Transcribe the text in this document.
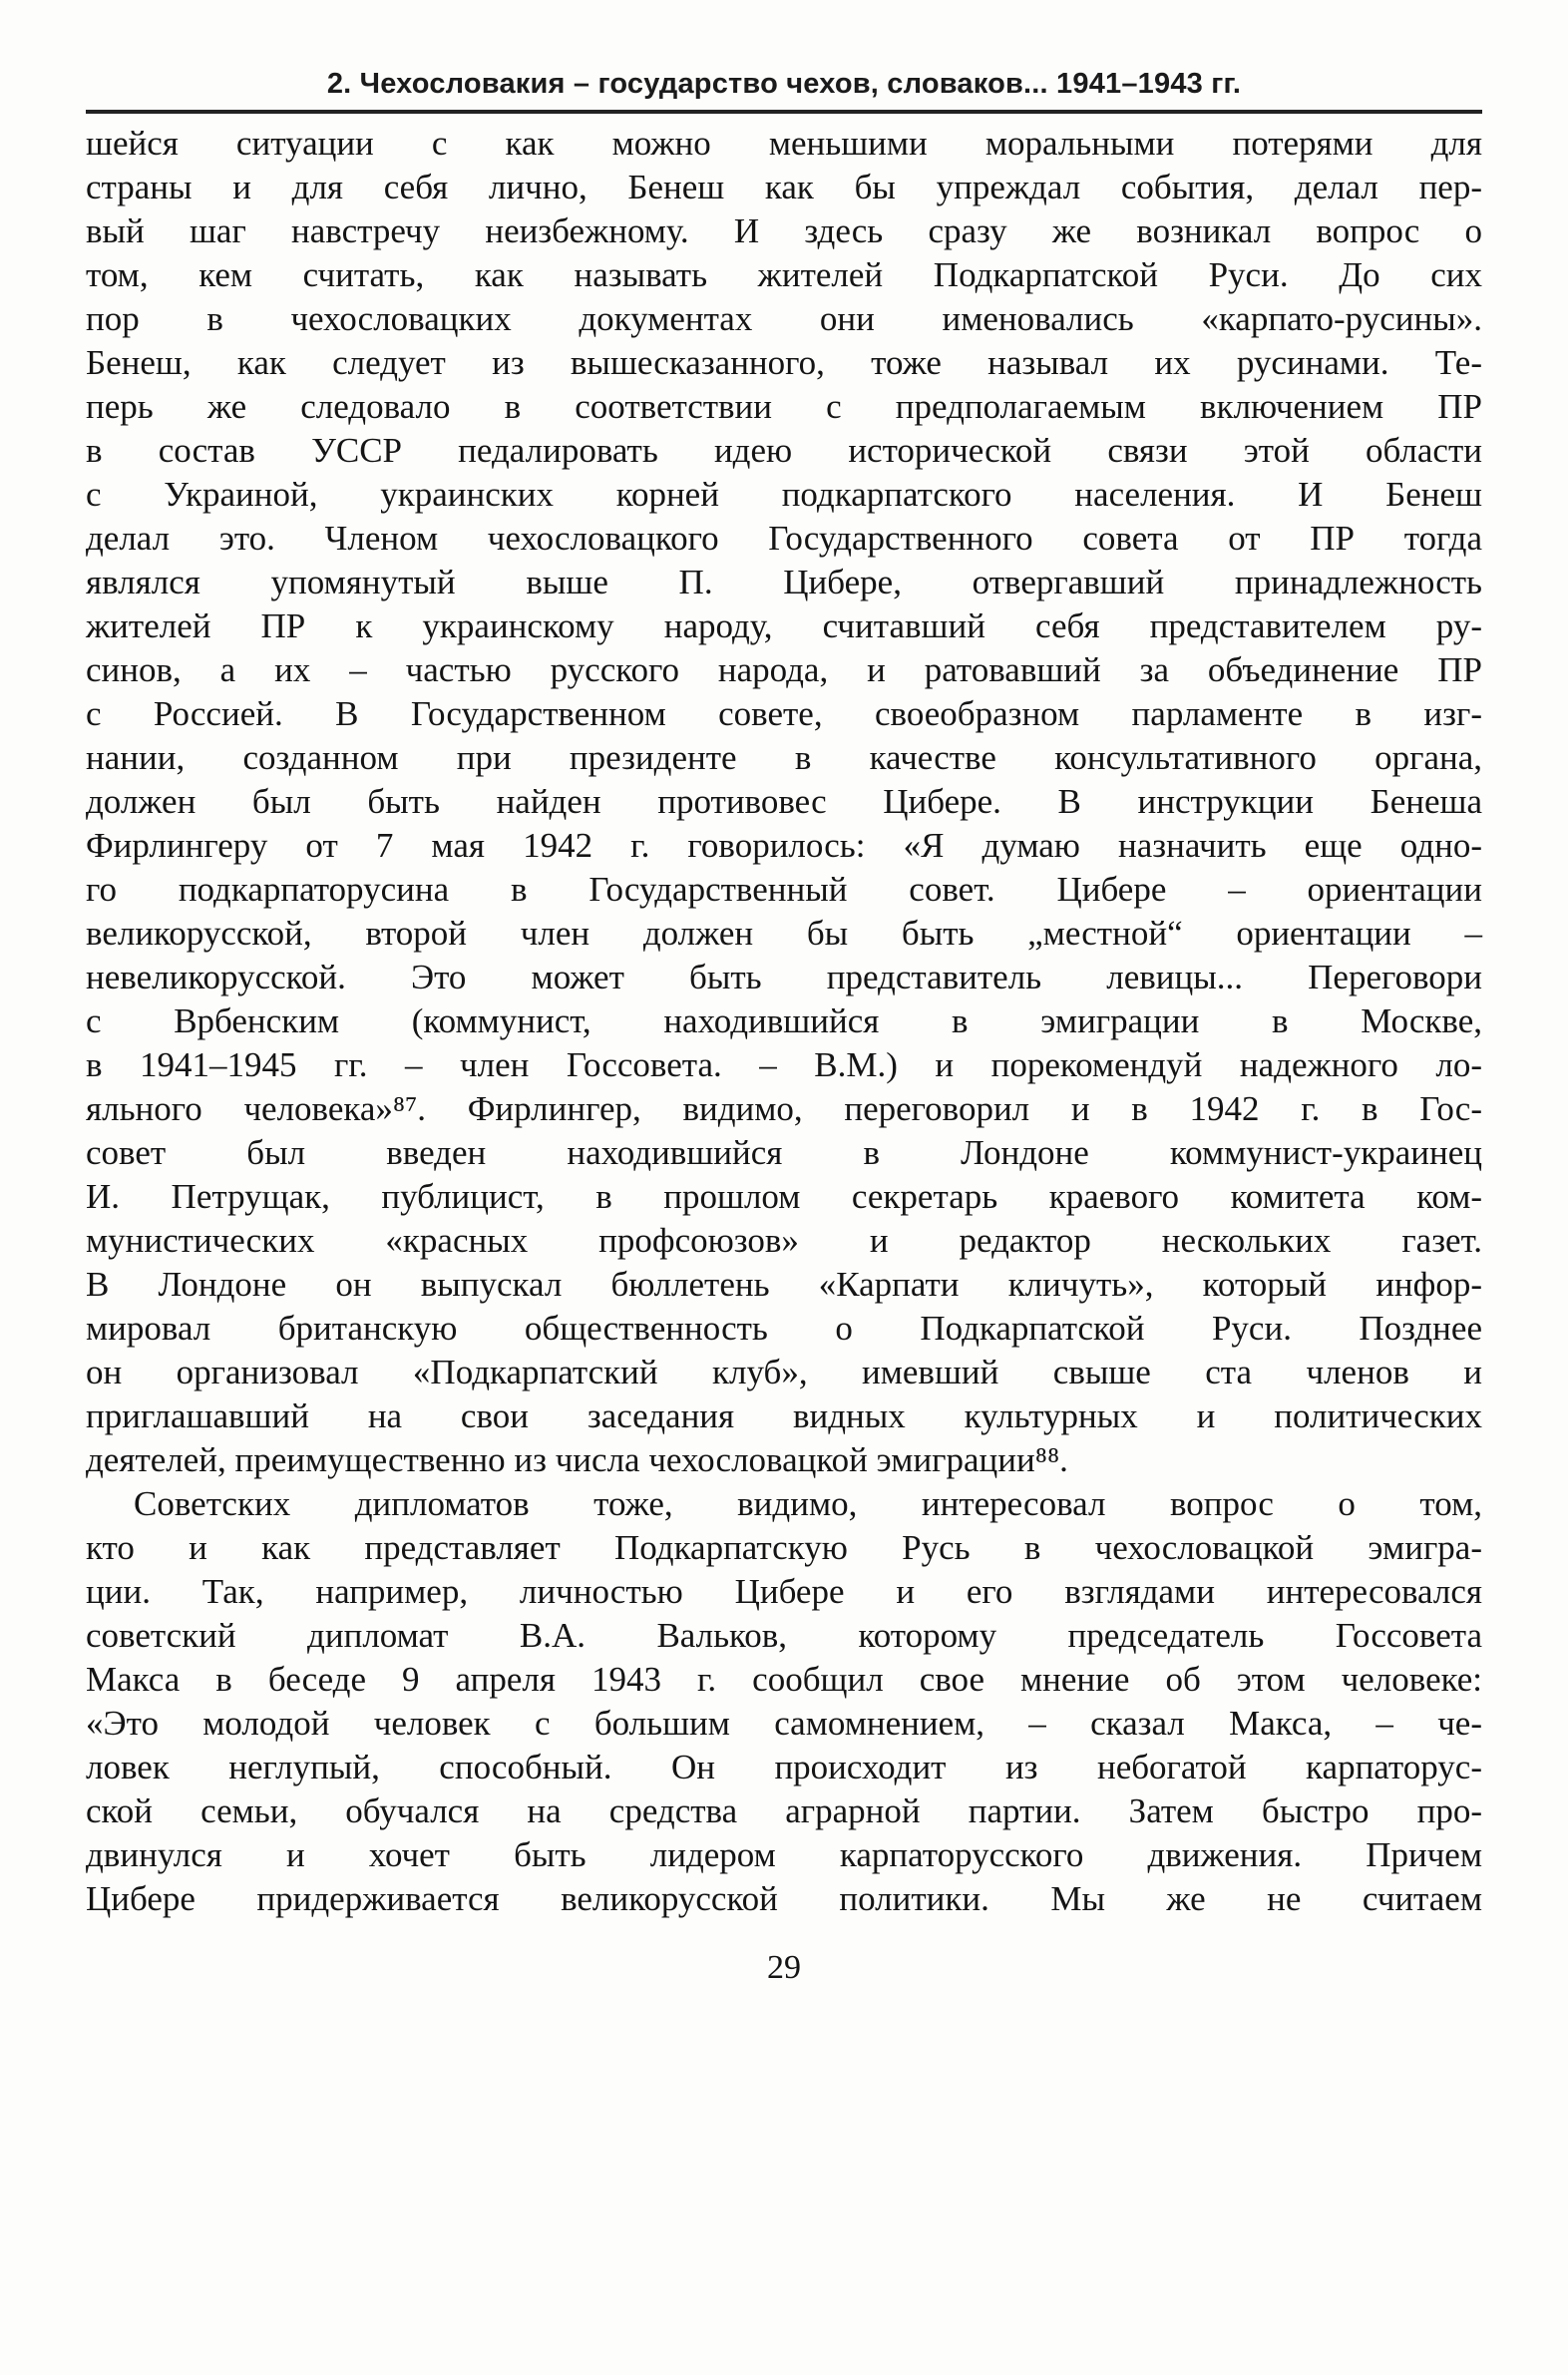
2. Чехословакия – государство чехов, словаков... 1941–1943 гг.
шейся ситуации с как можно меньшими моральными потерями для
страны и для себя лично, Бенеш как бы упреждал события, делал пер-
вый шаг навстречу неизбежному. И здесь сразу же возникал вопрос о
том, кем считать, как называть жителей Подкарпатской Руси. До сих
пор в чехословацких документах они именовались «карпато-русины».
Бенеш, как следует из вышесказанного, тоже называл их русинами. Те-
перь же следовало в соответствии с предполагаемым включением ПР
в состав УССР педалировать идею исторической связи этой области
с Украиной, украинских корней подкарпатского населения. И Бенеш
делал это. Членом чехословацкого Государственного совета от ПР тогда
являлся упомянутый выше П. Цибере, отвергавший принадлежность
жителей ПР к украинскому народу, считавший себя представителем ру-
синов, а их – частью русского народа, и ратовавший за объединение ПР
с Россией. В Государственном совете, своеобразном парламенте в изг-
нании, созданном при президенте в качестве консультативного органа,
должен был быть найден противовес Цибере. В инструкции Бенеша
Фирлингеру от 7 мая 1942 г. говорилось: «Я думаю назначить еще одно-
го подкарпаторусина в Государственный совет. Цибере – ориентации
великорусской, второй член должен бы быть „местной“ ориентации –
невеликорусской. Это может быть представитель левицы... Переговори
с Врбенским (коммунист, находившийся в эмиграции в Москве,
в 1941–1945 гг. – член Госсовета. – В.М.) и порекомендуй надежного ло-
яльного человека»⁸⁷. Фирлингер, видимо, переговорил и в 1942 г. в Гос-
совет был введен находившийся в Лондоне коммунист-украинец
И. Петрущак, публицист, в прошлом секретарь краевого комитета ком-
мунистических «красных профсоюзов» и редактор нескольких газет.
В Лондоне он выпускал бюллетень «Карпати кличуть», который инфор-
мировал британскую общественность о Подкарпатской Руси. Позднее
он организовал «Подкарпатский клуб», имевший свыше ста членов и
приглашавший на свои заседания видных культурных и политических
деятелей, преимущественно из числа чехословацкой эмиграции⁸⁸.
Советских дипломатов тоже, видимо, интересовал вопрос о том,
кто и как представляет Подкарпатскую Русь в чехословацкой эмигра-
ции. Так, например, личностью Цибере и его взглядами интересовался
советский дипломат В.А. Вальков, которому председатель Госсовета
Макса в беседе 9 апреля 1943 г. сообщил свое мнение об этом человеке:
«Это молодой человек с большим самомнением, – сказал Макса, – че-
ловек неглупый, способный. Он происходит из небогатой карпаторус-
ской семьи, обучался на средства аграрной партии. Затем быстро про-
двинулся и хочет быть лидером карпаторусского движения. Причем
Цибере придерживается великорусской политики. Мы же не считаем
29
